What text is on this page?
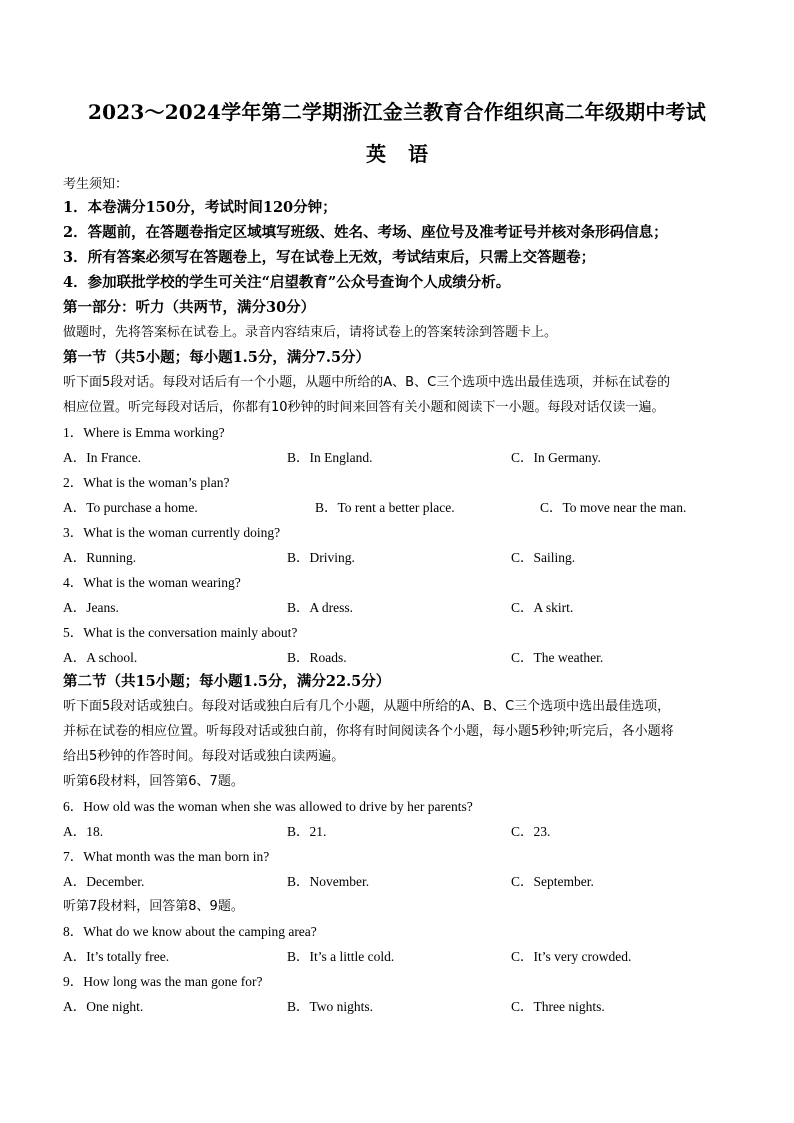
2023～2024学年第二学期浙江金兰教育合作组织高二年级期中考试
英语
考生须知：
1．本卷满分150分，考试时间120分钟；
2．答题前，在答题卷指定区域填写班级、姓名、考场、座位号及准考证号并核对条形码信息；
3．所有答案必须写在答题卷上，写在试卷上无效，考试结束后，只需上交答题卷；
4．参加联批学校的学生可关注“启望教育”公众号查询个人成绩分析。
第一部分：听力（共两节，满分30分）
做题时，先将答案标在试卷上。录音内容结束后，请将试卷上的答案转涂到答题卡上。
第一节（共5小题；每小题1.5分，满分7.5分）
听下面5段对话。每段对话后有一个小题，从题中所给的A、B、C三个选项中选出最佳选项，并标在试卷的
相应位置。听完每段对话后，你都有10秒钟的时间来回答有关小题和阅读下一小题。每段对话仅读一遍。
1．Where is Emma working?
A．In France.	B．In England.	C．In Germany.
2．What is the woman’s plan?
A．To purchase a home.	B．To rent a better place.	C．To move near the man.
3．What is the woman currently doing?
A．Running.	B．Driving.	C．Sailing.
4．What is the woman wearing?
A．Jeans.	B．A dress.	C．A skirt.
5．What is the conversation mainly about?
A．A school.	B．Roads.	C．The weather.
第二节（共15小题；每小题1.5分，满分22.5分）
听下面5段对话或独白。每段对话或独白后有几个小题，从题中所给的A、B、C三个选项中选出最佳选项，
并标在试卷的相应位置。听每段对话或独白前，你将有时间阅读各个小题，每小题5秒钟;听完后，各小题将
给出5秒钟的作答时间。每段对话或独白读两遍。
听第6段材料，回答第6、7题。
6．How old was the woman when she was allowed to drive by her parents?
A．18.	B．21.	C．23.
7．What month was the man born in?
A．December.	B．November.	C．September.
听第7段材料，回答第8、9题。
8．What do we know about the camping area?
A．It’s totally free.	B．It’s a little cold.	C．It’s very crowded.
9．How long was the man gone for?
A．One night.	B．Two nights.	C．Three nights.
